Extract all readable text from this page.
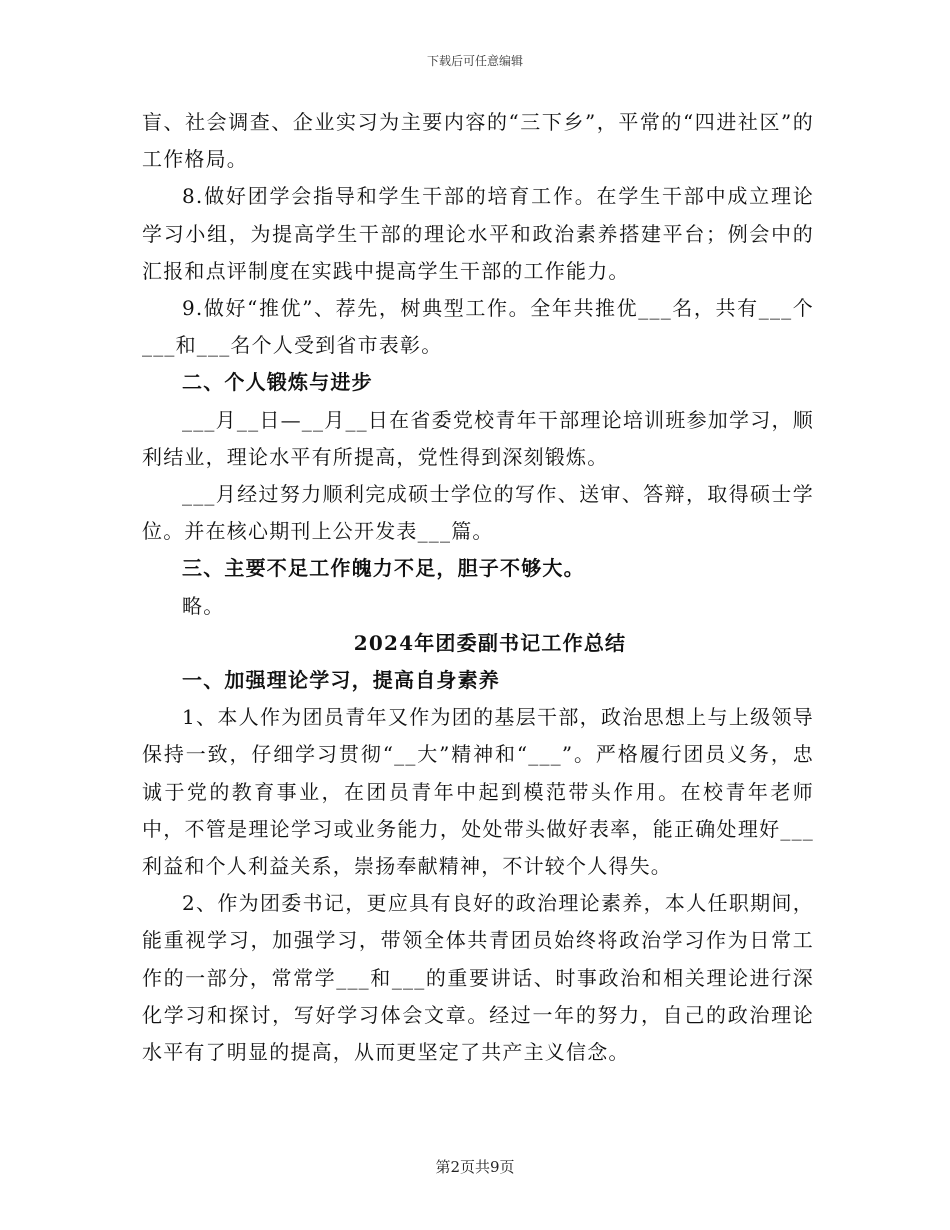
下载后可任意编辑

盲、社会调查、企业实习为主要内容的“三下乡”，平常的“四进社区”的工作格局。

8.做好团学会指导和学生干部的培育工作。在学生干部中成立理论学习小组，为提高学生干部的理论水平和政治素养搭建平台；例会中的汇报和点评制度在实践中提高学生干部的工作能力。

9.做好“推优”、荐先，树典型工作。全年共推优___名，共有___个___和___名个人受到省市表彰。

二、个人锻炼与进步

___月__日—__月__日在省委党校青年干部理论培训班参加学习，顺利结业，理论水平有所提高，党性得到深刻锻炼。

___月经过努力顺利完成硕士学位的写作、送审、答辩，取得硕士学位。并在核心期刊上公开发表___篇。

三、主要不足工作魄力不足，胆子不够大。

略。

2024年团委副书记工作总结

一、加强理论学习，提高自身素养

1、本人作为团员青年又作为团的基层干部，政治思想上与上级领导保持一致，仔细学习贯彻“__大”精神和“___”。严格履行团员义务，忠诚于党的教育事业，在团员青年中起到模范带头作用。在校青年老师中，不管是理论学习或业务能力，处处带头做好表率，能正确处理好___利益和个人利益关系，崇扬奉献精神，不计较个人得失。

2、作为团委书记，更应具有良好的政治理论素养，本人任职期间，能重视学习，加强学习，带领全体共青团员始终将政治学习作为日常工作的一部分，常常学___和___的重要讲话、时事政治和相关理论进行深化学习和探讨，写好学习体会文章。经过一年的努力，自己的政治理论水平有了明显的提高，从而更坚定了共产主义信念。

第2页共9页
